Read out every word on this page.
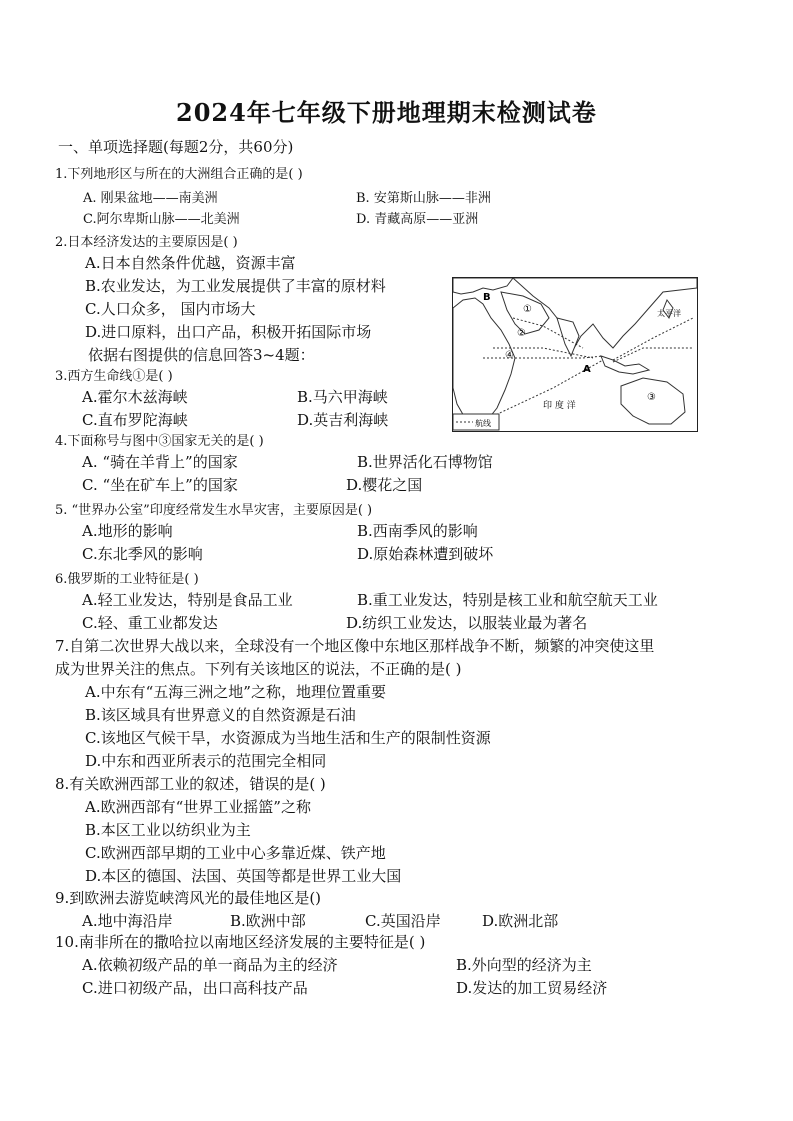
2024年七年级下册地理期末检测试卷
一、单项选择题(每题2分，共60分)
1.下列地形区与所在的大洲组合正确的是( )
A. 刚果盆地——南美洲	B. 安第斯山脉——非洲
C.阿尔卑斯山脉——北美洲	D. 青藏高原——亚洲
2.日本经济发达的主要原因是( )
A.日本自然条件优越，资源丰富
B.农业发达，为工业发展提供了丰富的原材料
C.人口众多， 国内市场大
D.进口原料，出口产品，积极开拓国际市场
依据右图提供的信息回答3~4题：
航线
B
A
①
②
③
④
太平洋
印 度 洋
3.西方生命线①是( )
A.霍尔木兹海峡	B.马六甲海峡
C.直布罗陀海峡	D.英吉利海峡
4.下面称号与图中③国家无关的是( )
A. “骑在羊背上”的国家	B.世界活化石博物馆
C. “坐在矿车上”的国家	D.樱花之国
5. “世界办公室”印度经常发生水旱灾害，主要原因是( )
A.地形的影响	B.西南季风的影响
C.东北季风的影响	D.原始森林遭到破坏
6.俄罗斯的工业特征是( )
A.轻工业发达，特别是食品工业	B.重工业发达，特别是核工业和航空航天工业
C.轻、重工业都发达	D.纺织工业发达，以服装业最为著名
7.自第二次世界大战以来，全球没有一个地区像中东地区那样战争不断，频繁的冲突使这里
成为世界关注的焦点。下列有关该地区的说法，不正确的是( )
A.中东有“五海三洲之地”之称，地理位置重要
B.该区域具有世界意义的自然资源是石油
C.该地区气候干旱，水资源成为当地生活和生产的限制性资源
D.中东和西亚所表示的范围完全相同
8.有关欧洲西部工业的叙述，错误的是( )
A.欧洲西部有“世界工业摇篮”之称
B.本区工业以纺织业为主
C.欧洲西部早期的工业中心多靠近煤、铁产地
D.本区的德国、法国、英国等都是世界工业大国
9.到欧洲去游览峡湾风光的最佳地区是()
A.地中海沿岸	B.欧洲中部	C.英国沿岸	D.欧洲北部
10.南非所在的撒哈拉以南地区经济发展的主要特征是( )
A.依赖初级产品的单一商品为主的经济	B.外向型的经济为主
C.进口初级产品，出口高科技产品	D.发达的加工贸易经济
